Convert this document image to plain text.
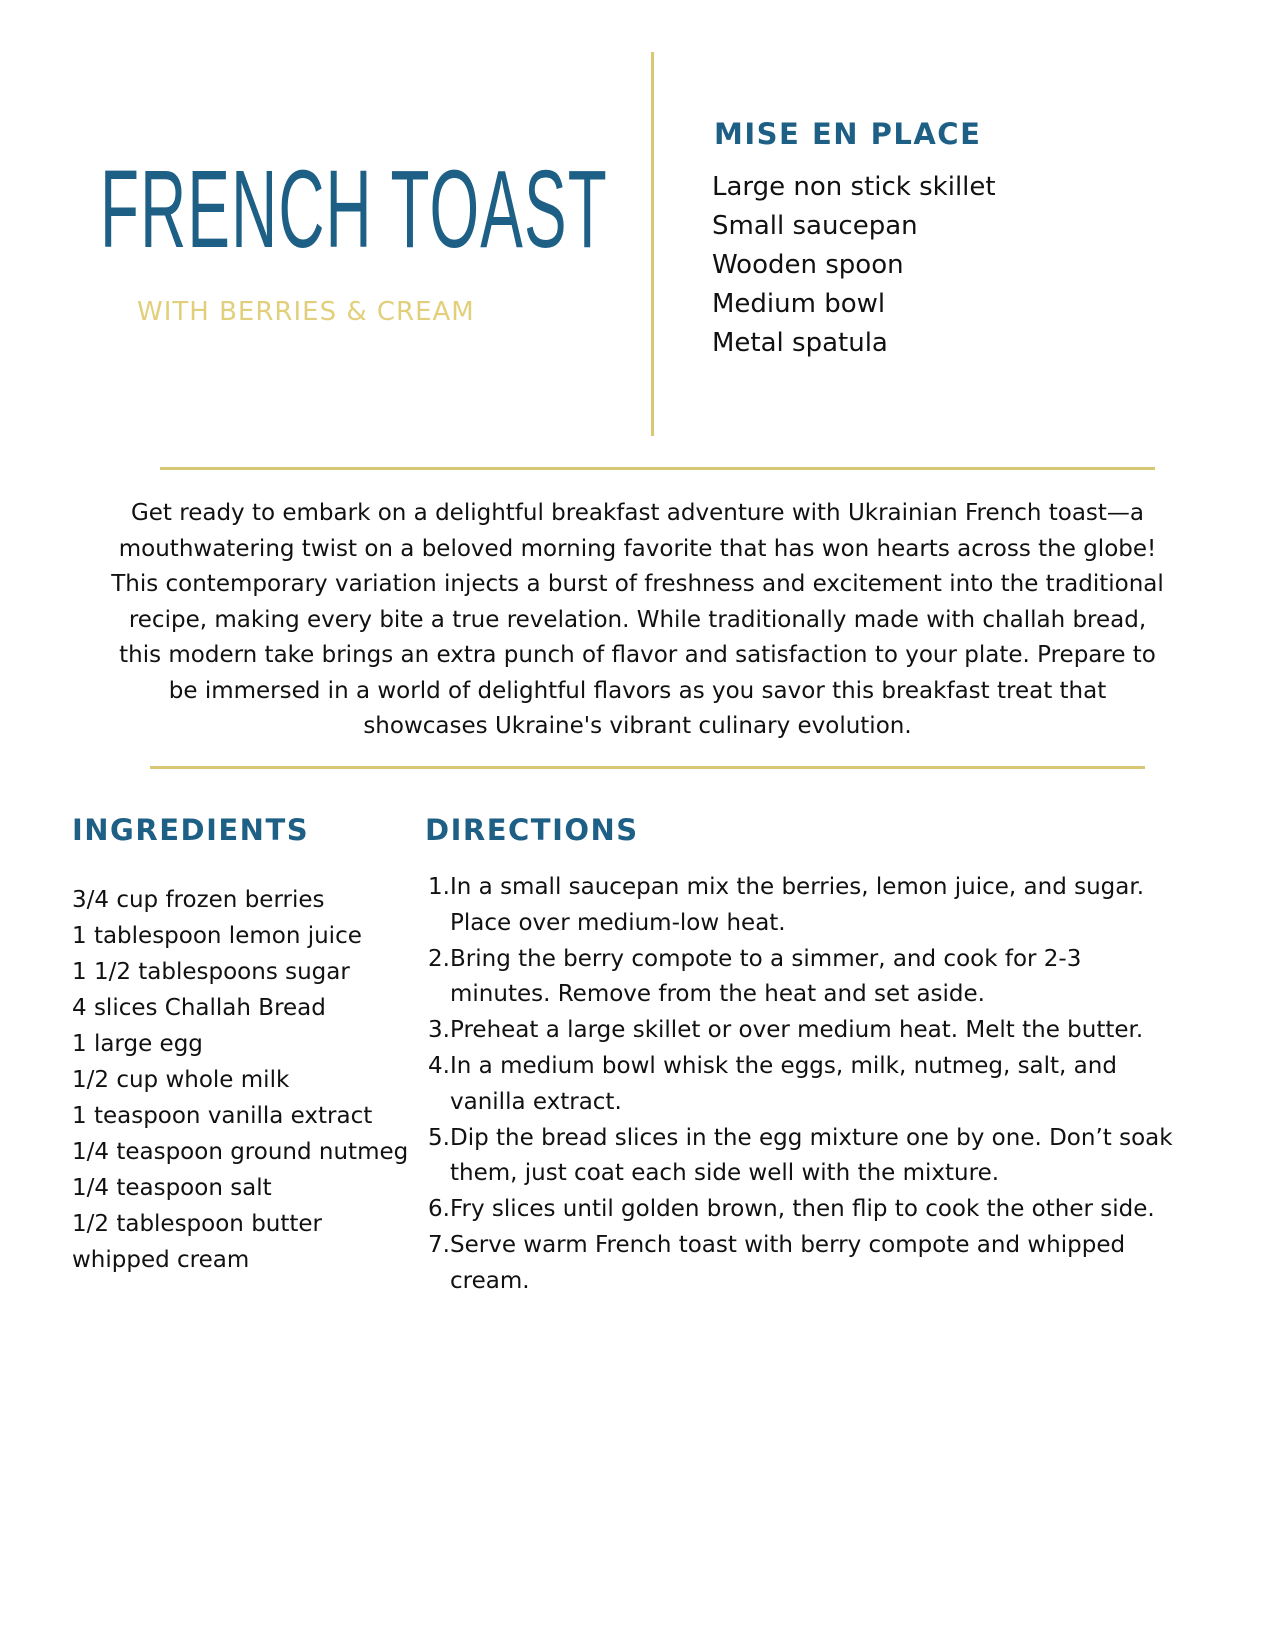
FRENCH TOAST
WITH BERRIES & CREAM
MISE EN PLACE
Large non stick skillet
Small saucepan
Wooden spoon
Medium bowl
Metal spatula

Get ready to embark on a delightful breakfast adventure with Ukrainian French toast—a mouthwatering twist on a beloved morning favorite that has won hearts across the globe! This contemporary variation injects a burst of freshness and excitement into the traditional recipe, making every bite a true revelation. While traditionally made with challah bread, this modern take brings an extra punch of flavor and satisfaction to your plate. Prepare to be immersed in a world of delightful flavors as you savor this breakfast treat that showcases Ukraine's vibrant culinary evolution.

INGREDIENTS
3/4 cup frozen berries
1 tablespoon lemon juice
1 1/2 tablespoons sugar
4 slices Challah Bread
1 large egg
1/2 cup whole milk
1 teaspoon vanilla extract
1/4 teaspoon ground nutmeg
1/4 teaspoon salt
1/2 tablespoon butter
whipped cream
DIRECTIONS
1. In a small saucepan mix the berries, lemon juice, and sugar. Place over medium-low heat.
2. Bring the berry compote to a simmer, and cook for 2-3 minutes. Remove from the heat and set aside.
3. Preheat a large skillet or over medium heat. Melt the butter.
4. In a medium bowl whisk the eggs, milk, nutmeg, salt, and vanilla extract.
5. Dip the bread slices in the egg mixture one by one. Don’t soak them, just coat each side well with the mixture.
6. Fry slices until golden brown, then flip to cook the other side.
7. Serve warm French toast with berry compote and whipped cream.
